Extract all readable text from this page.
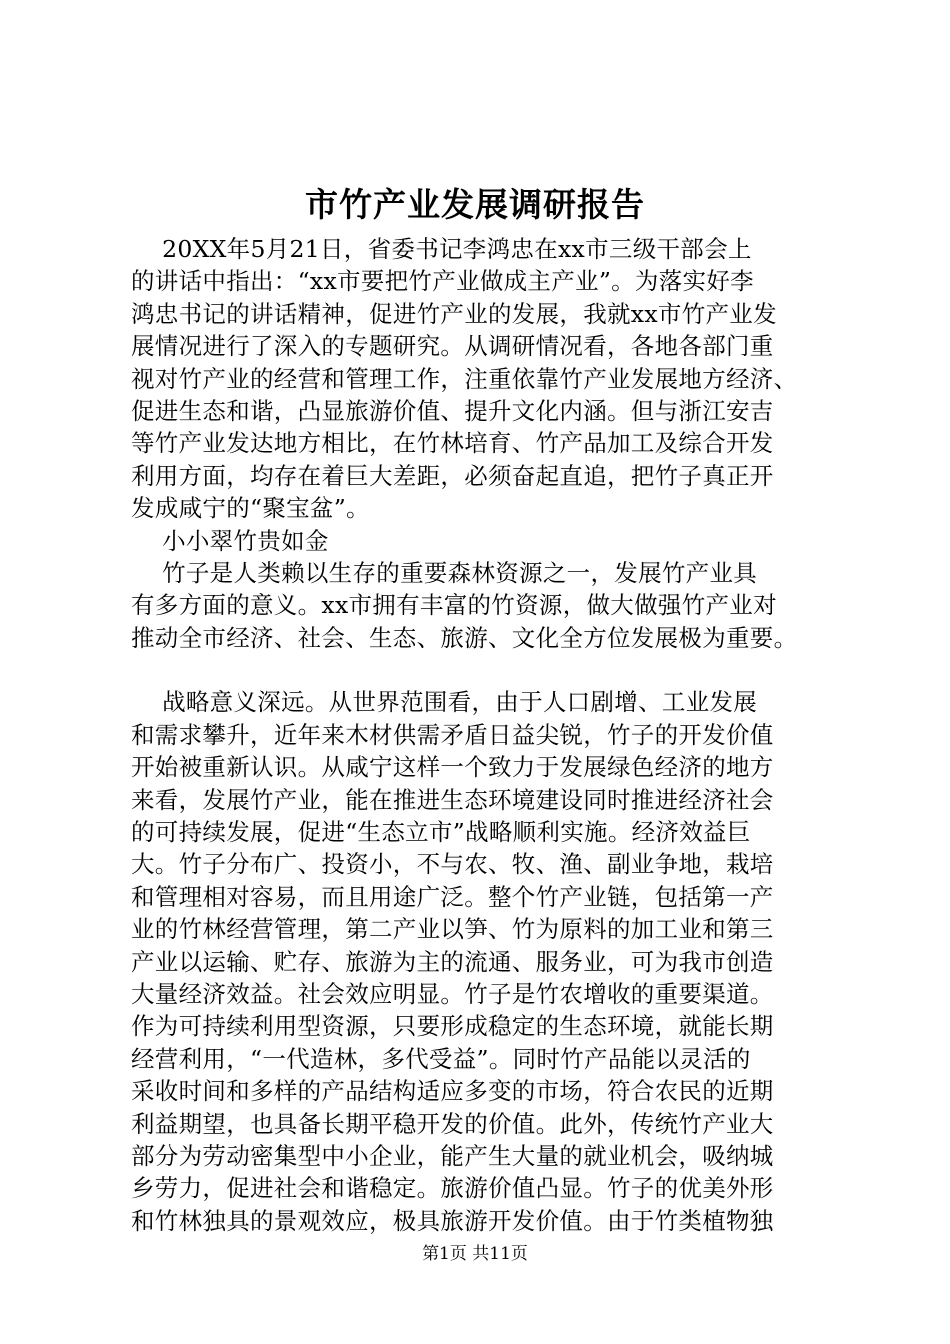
市竹产业发展调研报告
20XX年5月21日，省委书记李鸿忠在xx市三级干部会上
的讲话中指出：“xx市要把竹产业做成主产业”。为落实好李
鸿忠书记的讲话精神，促进竹产业的发展，我就xx市竹产业发
展情况进行了深入的专题研究。从调研情况看，各地各部门重
视对竹产业的经营和管理工作，注重依靠竹产业发展地方经济、
促进生态和谐，凸显旅游价值、提升文化内涵。但与浙江安吉
等竹产业发达地方相比，在竹林培育、竹产品加工及综合开发
利用方面，均存在着巨大差距，必须奋起直追，把竹子真正开
发成咸宁的“聚宝盆”。
小小翠竹贵如金
竹子是人类赖以生存的重要森林资源之一，发展竹产业具
有多方面的意义。xx市拥有丰富的竹资源，做大做强竹产业对
推动全市经济、社会、生态、旅游、文化全方位发展极为重要。
战略意义深远。从世界范围看，由于人口剧增、工业发展
和需求攀升，近年来木材供需矛盾日益尖锐，竹子的开发价值
开始被重新认识。从咸宁这样一个致力于发展绿色经济的地方
来看，发展竹产业，能在推进生态环境建设同时推进经济社会
的可持续发展，促进“生态立市”战略顺利实施。经济效益巨
大。竹子分布广、投资小，不与农、牧、渔、副业争地，栽培
和管理相对容易，而且用途广泛。整个竹产业链，包括第一产
业的竹林经营管理，第二产业以笋、竹为原料的加工业和第三
产业以运输、贮存、旅游为主的流通、服务业，可为我市创造
大量经济效益。社会效应明显。竹子是竹农增收的重要渠道。
作为可持续利用型资源，只要形成稳定的生态环境，就能长期
经营利用，“一代造林，多代受益”。同时竹产品能以灵活的
采收时间和多样的产品结构适应多变的市场，符合农民的近期
利益期望，也具备长期平稳开发的价值。此外，传统竹产业大
部分为劳动密集型中小企业，能产生大量的就业机会，吸纳城
乡劳力，促进社会和谐稳定。旅游价值凸显。竹子的优美外形
和竹林独具的景观效应，极具旅游开发价值。由于竹类植物独
第1页 共11页
